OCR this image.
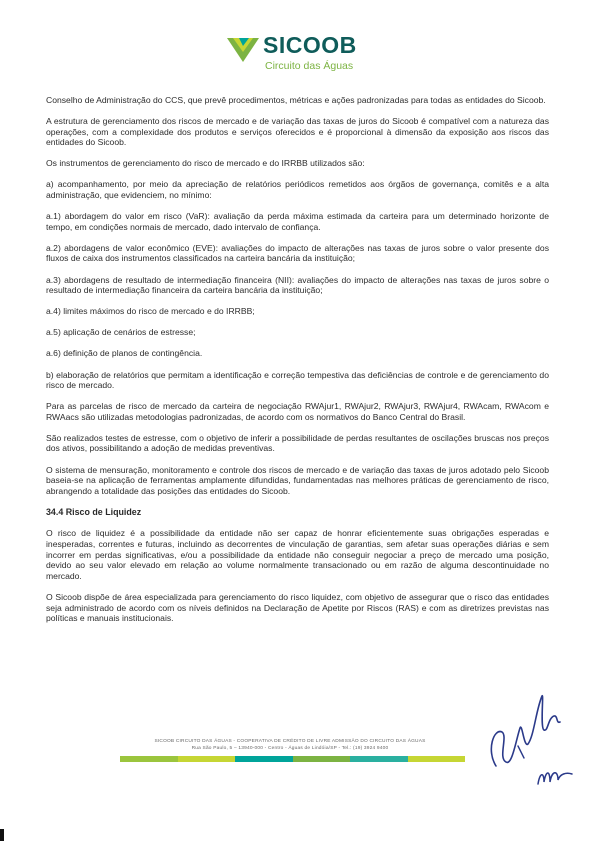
SICOOB
Circuito das Águas

Conselho de Administração do CCS, que prevê procedimentos, métricas e ações padronizadas para todas as entidades do Sicoob.

A estrutura de gerenciamento dos riscos de mercado e de variação das taxas de juros do Sicoob é compatível com a natureza das operações, com a complexidade dos produtos e serviços oferecidos e é proporcional à dimensão da exposição aos riscos das entidades do Sicoob.

Os instrumentos de gerenciamento do risco de mercado e do IRRBB utilizados são:

a) acompanhamento, por meio da apreciação de relatórios periódicos remetidos aos órgãos de governança, comitês e a alta administração, que evidenciem, no mínimo:

a.1) abordagem do valor em risco (VaR): avaliação da perda máxima estimada da carteira para um determinado horizonte de tempo, em condições normais de mercado, dado intervalo de confiança.

a.2) abordagens de valor econômico (EVE): avaliações do impacto de alterações nas taxas de juros sobre o valor presente dos fluxos de caixa dos instrumentos classificados na carteira bancária da instituição;

a.3) abordagens de resultado de intermediação financeira (NII): avaliações do impacto de alterações nas taxas de juros sobre o resultado de intermediação financeira da carteira bancária da instituição;

a.4) limites máximos do risco de mercado e do IRRBB;

a.5) aplicação de cenários de estresse;

a.6) definição de planos de contingência.

b) elaboração de relatórios que permitam a identificação e correção tempestiva das deficiências de controle e de gerenciamento do risco de mercado.

Para as parcelas de risco de mercado da carteira de negociação RWAjur1, RWAjur2, RWAjur3, RWAjur4, RWAcam, RWAcom e RWAacs são utilizadas metodologias padronizadas, de acordo com os normativos do Banco Central do Brasil.

São realizados testes de estresse, com o objetivo de inferir a possibilidade de perdas resultantes de oscilações bruscas nos preços dos ativos, possibilitando a adoção de medidas preventivas.

O sistema de mensuração, monitoramento e controle dos riscos de mercado e de variação das taxas de juros adotado pelo Sicoob baseia-se na aplicação de ferramentas amplamente difundidas, fundamentadas nas melhores práticas de gerenciamento de risco, abrangendo a totalidade das posições das entidades do Sicoob.

34.4 Risco de Liquidez

O risco de liquidez é a possibilidade da entidade não ser capaz de honrar eficientemente suas obrigações esperadas e inesperadas, correntes e futuras, incluindo as decorrentes de vinculação de garantias, sem afetar suas operações diárias e sem incorrer em perdas significativas, e/ou a possibilidade da entidade não conseguir negociar a preço de mercado uma posição, devido ao seu valor elevado em relação ao volume normalmente transacionado ou em razão de alguma descontinuidade no mercado.

O Sicoob dispõe de área especializada para gerenciamento do risco liquidez, com objetivo de assegurar que o risco das entidades seja administrado de acordo com os níveis definidos na Declaração de Apetite por Riscos (RAS) e com as diretrizes previstas nas políticas e manuais institucionais.

SICOOB CIRCUITO DAS ÁGUAS - COOPERATIVA DE CRÉDITO DE LIVRE ADMISSÃO DO CIRCUITO DAS ÁGUAS
Rua São Paulo, 5 – 13940-000 - Centro - Águas de Lindóia/SP - Tel.: (19) 3924 9400
